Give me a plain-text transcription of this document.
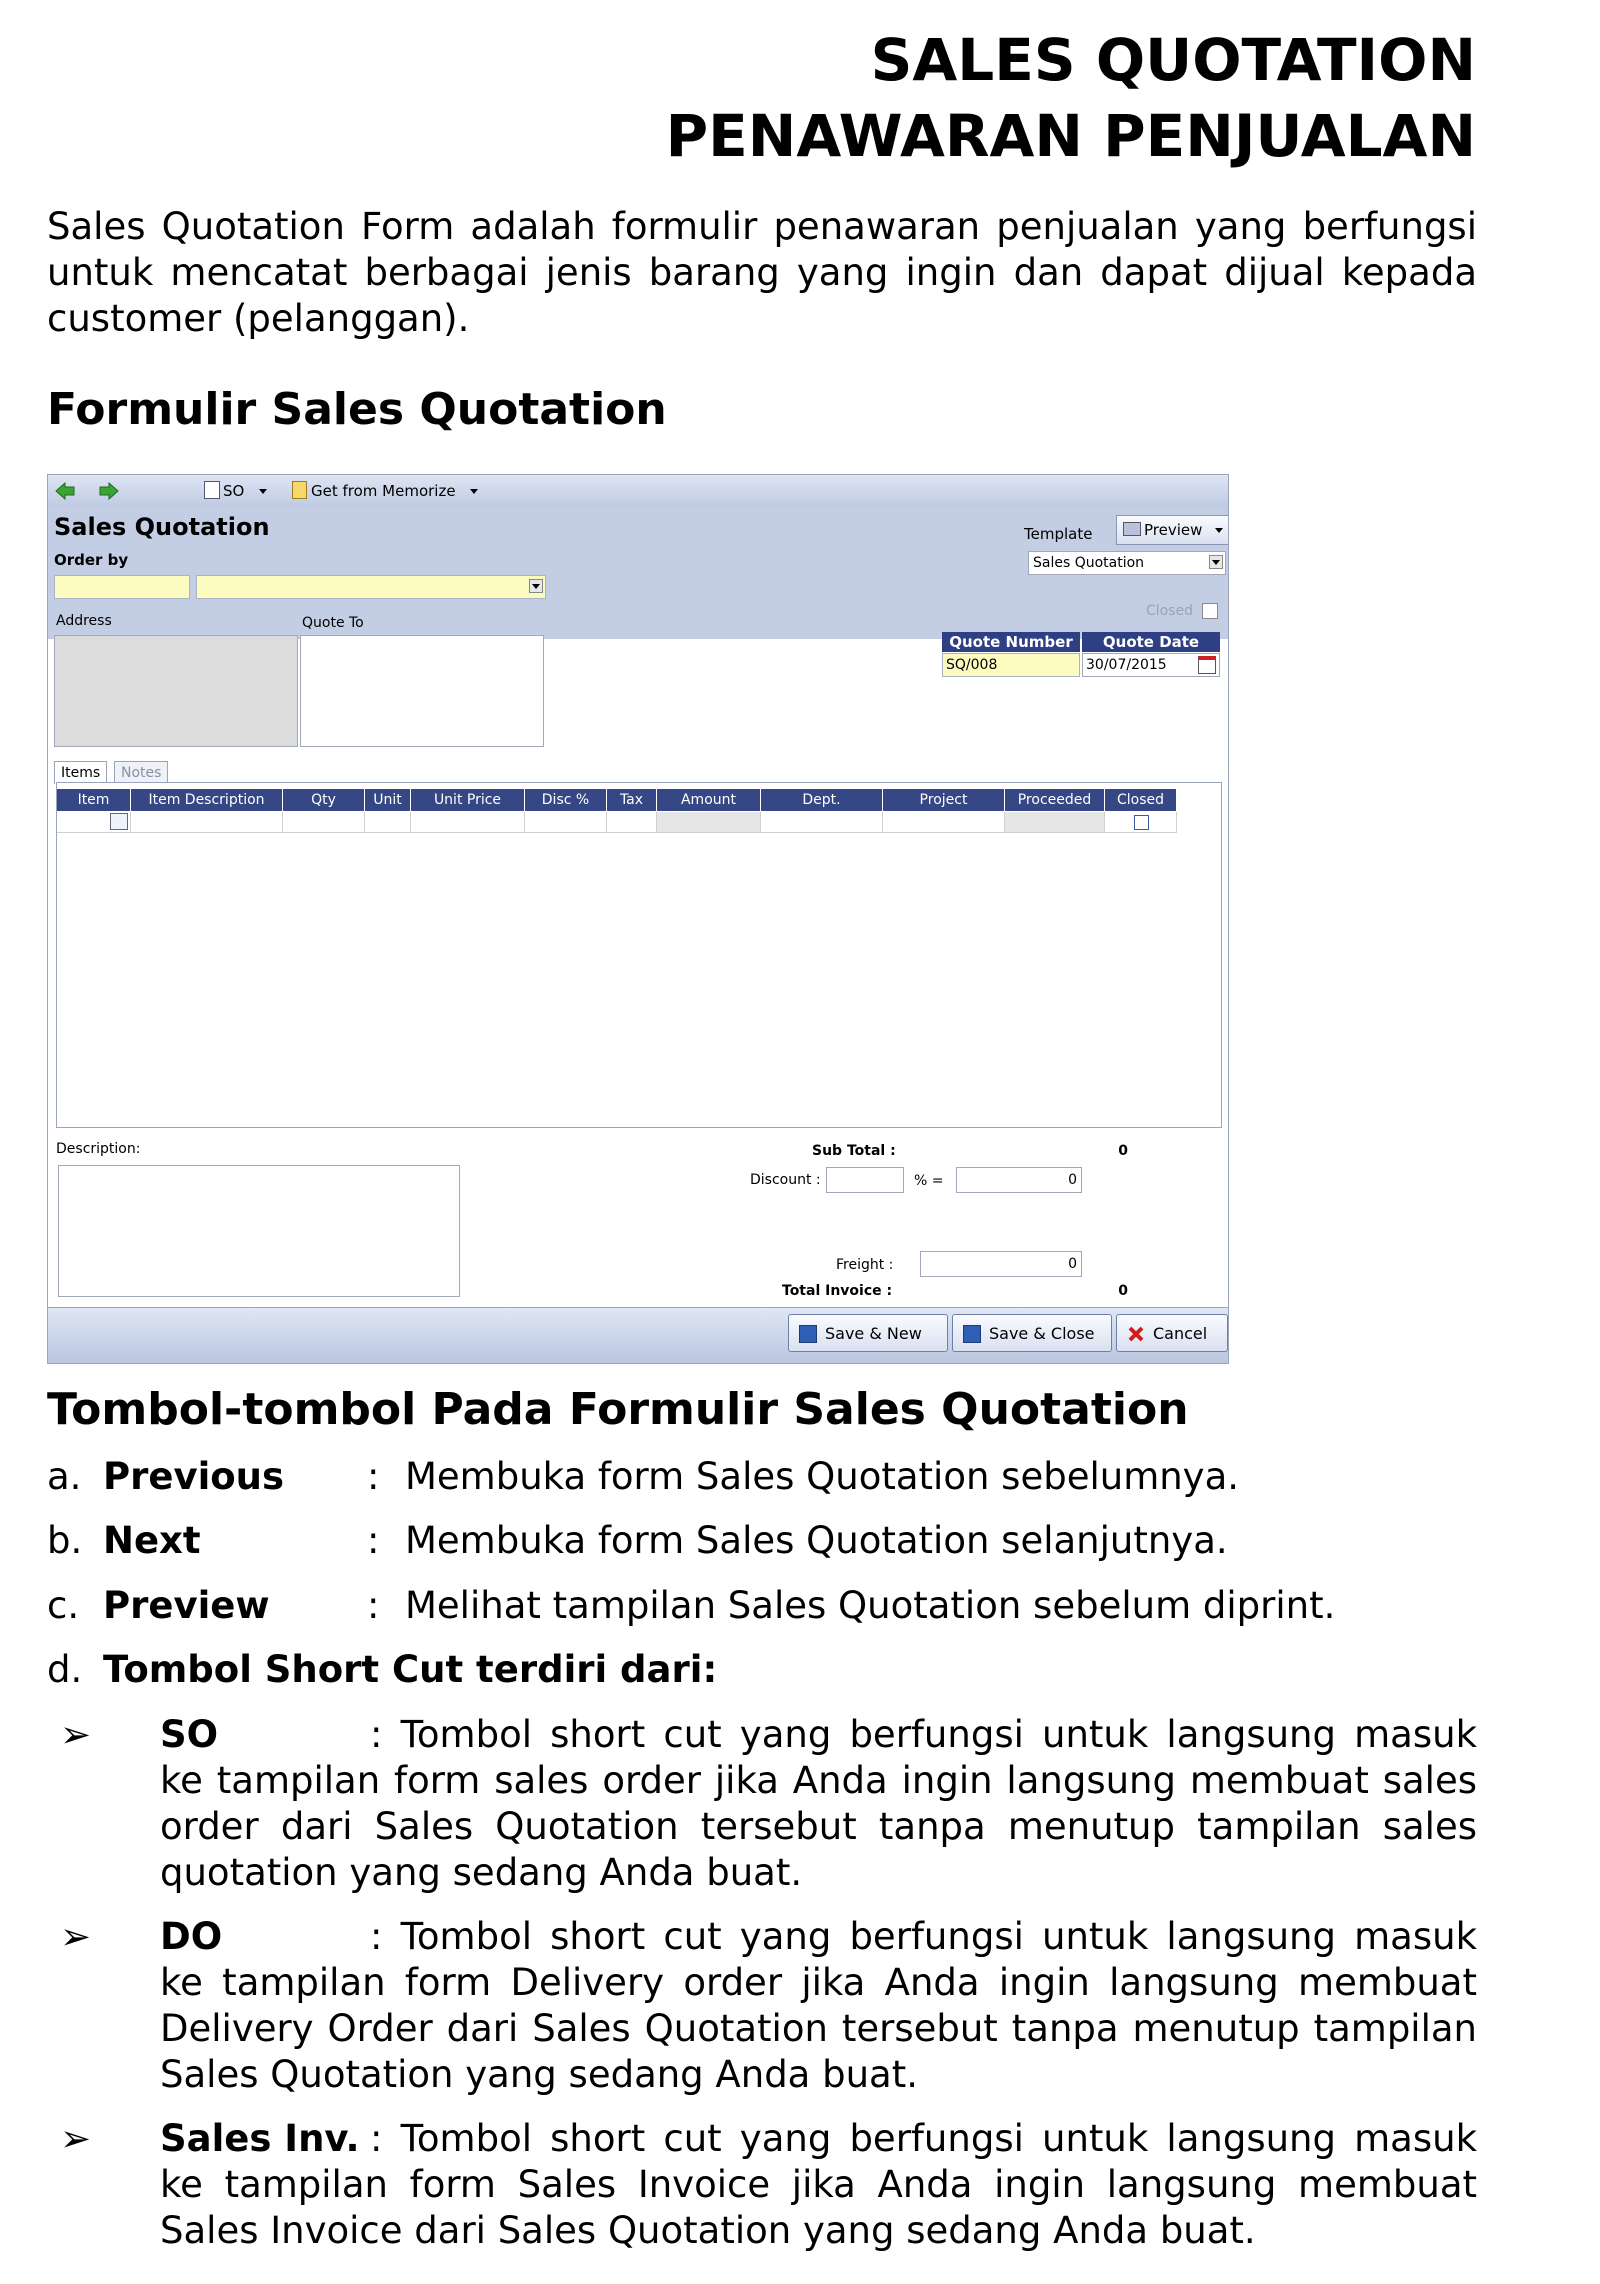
SALES QUOTATION
PENAWARAN PENJUALAN
Sales Quotation Form adalah formulir penawaran penjualan yang berfungsi untuk mencatat berbagai jenis barang yang ingin dan dapat dijual kepada customer (pelanggan).
Formulir Sales Quotation
SO	Get from Memorize
Sales Quotation
Order by
Template	Preview
Sales Quotation
Closed
Address	Quote To
Quote Number	Quote Date
SQ/008	30/07/2015
Items	Notes
Item	Item Description	Qty	Unit	Unit Price	Disc %	Tax	Amount	Dept.	Project	Proceeded	Closed
Description:	Sub Total :	0
Discount :	% =	0
Freight :	0
Total Invoice :	0
Save & New	Save & Close	Cancel
Tombol-tombol Pada Formulir Sales Quotation
a. Previous : Membuka form Sales Quotation sebelumnya.
b. Next	: Membuka form Sales Quotation selanjutnya.
c. Preview	: Melihat tampilan Sales Quotation sebelum diprint.
d. Tombol Short Cut terdiri dari:
➢ SO	: Tombol short cut yang berfungsi untuk langsung masuk ke tampilan form sales order jika Anda ingin langsung membuat sales order dari Sales Quotation tersebut tanpa menutup tampilan sales quotation yang sedang Anda buat.
➢ DO	: Tombol short cut yang berfungsi untuk langsung masuk ke tampilan form Delivery order jika Anda ingin langsung membuat Delivery Order dari Sales Quotation tersebut tanpa menutup tampilan Sales Quotation yang sedang Anda buat.
➢ Sales Inv. : Tombol short cut yang berfungsi untuk langsung masuk ke tampilan form Sales Invoice jika Anda ingin langsung membuat Sales Invoice dari Sales Quotation yang sedang Anda buat.
